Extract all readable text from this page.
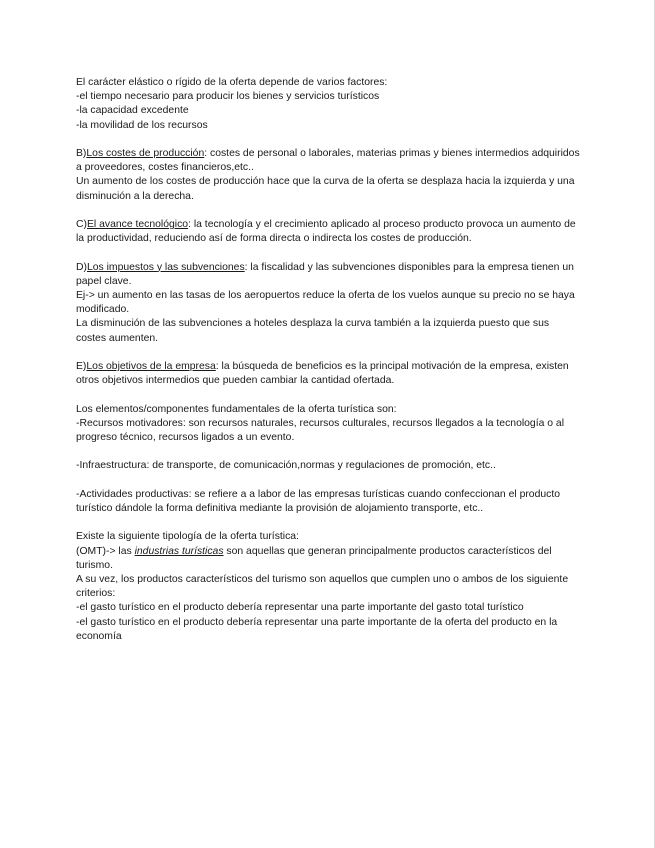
El carácter elástico o rígido de la oferta depende de varios factores:
-el tiempo necesario para producir los bienes y servicios turísticos
-la capacidad excedente
-la movilidad de los recursos
B)Los costes de producción: costes de personal o laborales, materias primas y bienes intermedios adquiridos a proveedores, costes financieros,etc..
Un aumento de los costes de producción hace que la curva de la oferta se desplaza hacia la izquierda y una disminución a la derecha.
C)El avance tecnológico: la tecnología y el crecimiento aplicado al proceso producto provoca un aumento de la productividad, reduciendo así de forma directa o indirecta los costes de producción.
D)Los impuestos y las subvenciones: la fiscalidad y las subvenciones disponibles para la empresa tienen un papel clave.
Ej-> un aumento en las tasas de los aeropuertos reduce la oferta de los vuelos aunque su precio no se haya modificado.
La disminución de las subvenciones a hoteles desplaza la curva también a la izquierda puesto que sus costes aumenten.
E)Los objetivos de la empresa: la búsqueda de beneficios es la principal motivación de la empresa, existen otros objetivos intermedios que pueden cambiar la cantidad ofertada.
Los elementos/componentes fundamentales de la oferta turística son:
-Recursos motivadores: son recursos naturales, recursos culturales, recursos llegados a la tecnología o al progreso técnico, recursos ligados a un evento.
-Infraestructura: de transporte, de comunicación,normas y regulaciones de promoción, etc..
-Actividades productivas: se refiere a a labor de las empresas turísticas cuando confeccionan el producto turístico dándole la forma definitiva mediante la provisión de alojamiento transporte, etc..
Existe la siguiente tipología de la oferta turística:
(OMT)-> las industrias turísticas son aquellas que generan principalmente productos característicos del turismo.
A su vez, los productos característicos del turismo son aquellos que cumplen uno o ambos de los siguiente criterios:
-el gasto turístico en el producto debería representar una parte importante del gasto total turístico
-el gasto turístico en el producto debería representar una parte importante de la oferta del producto en la economía
